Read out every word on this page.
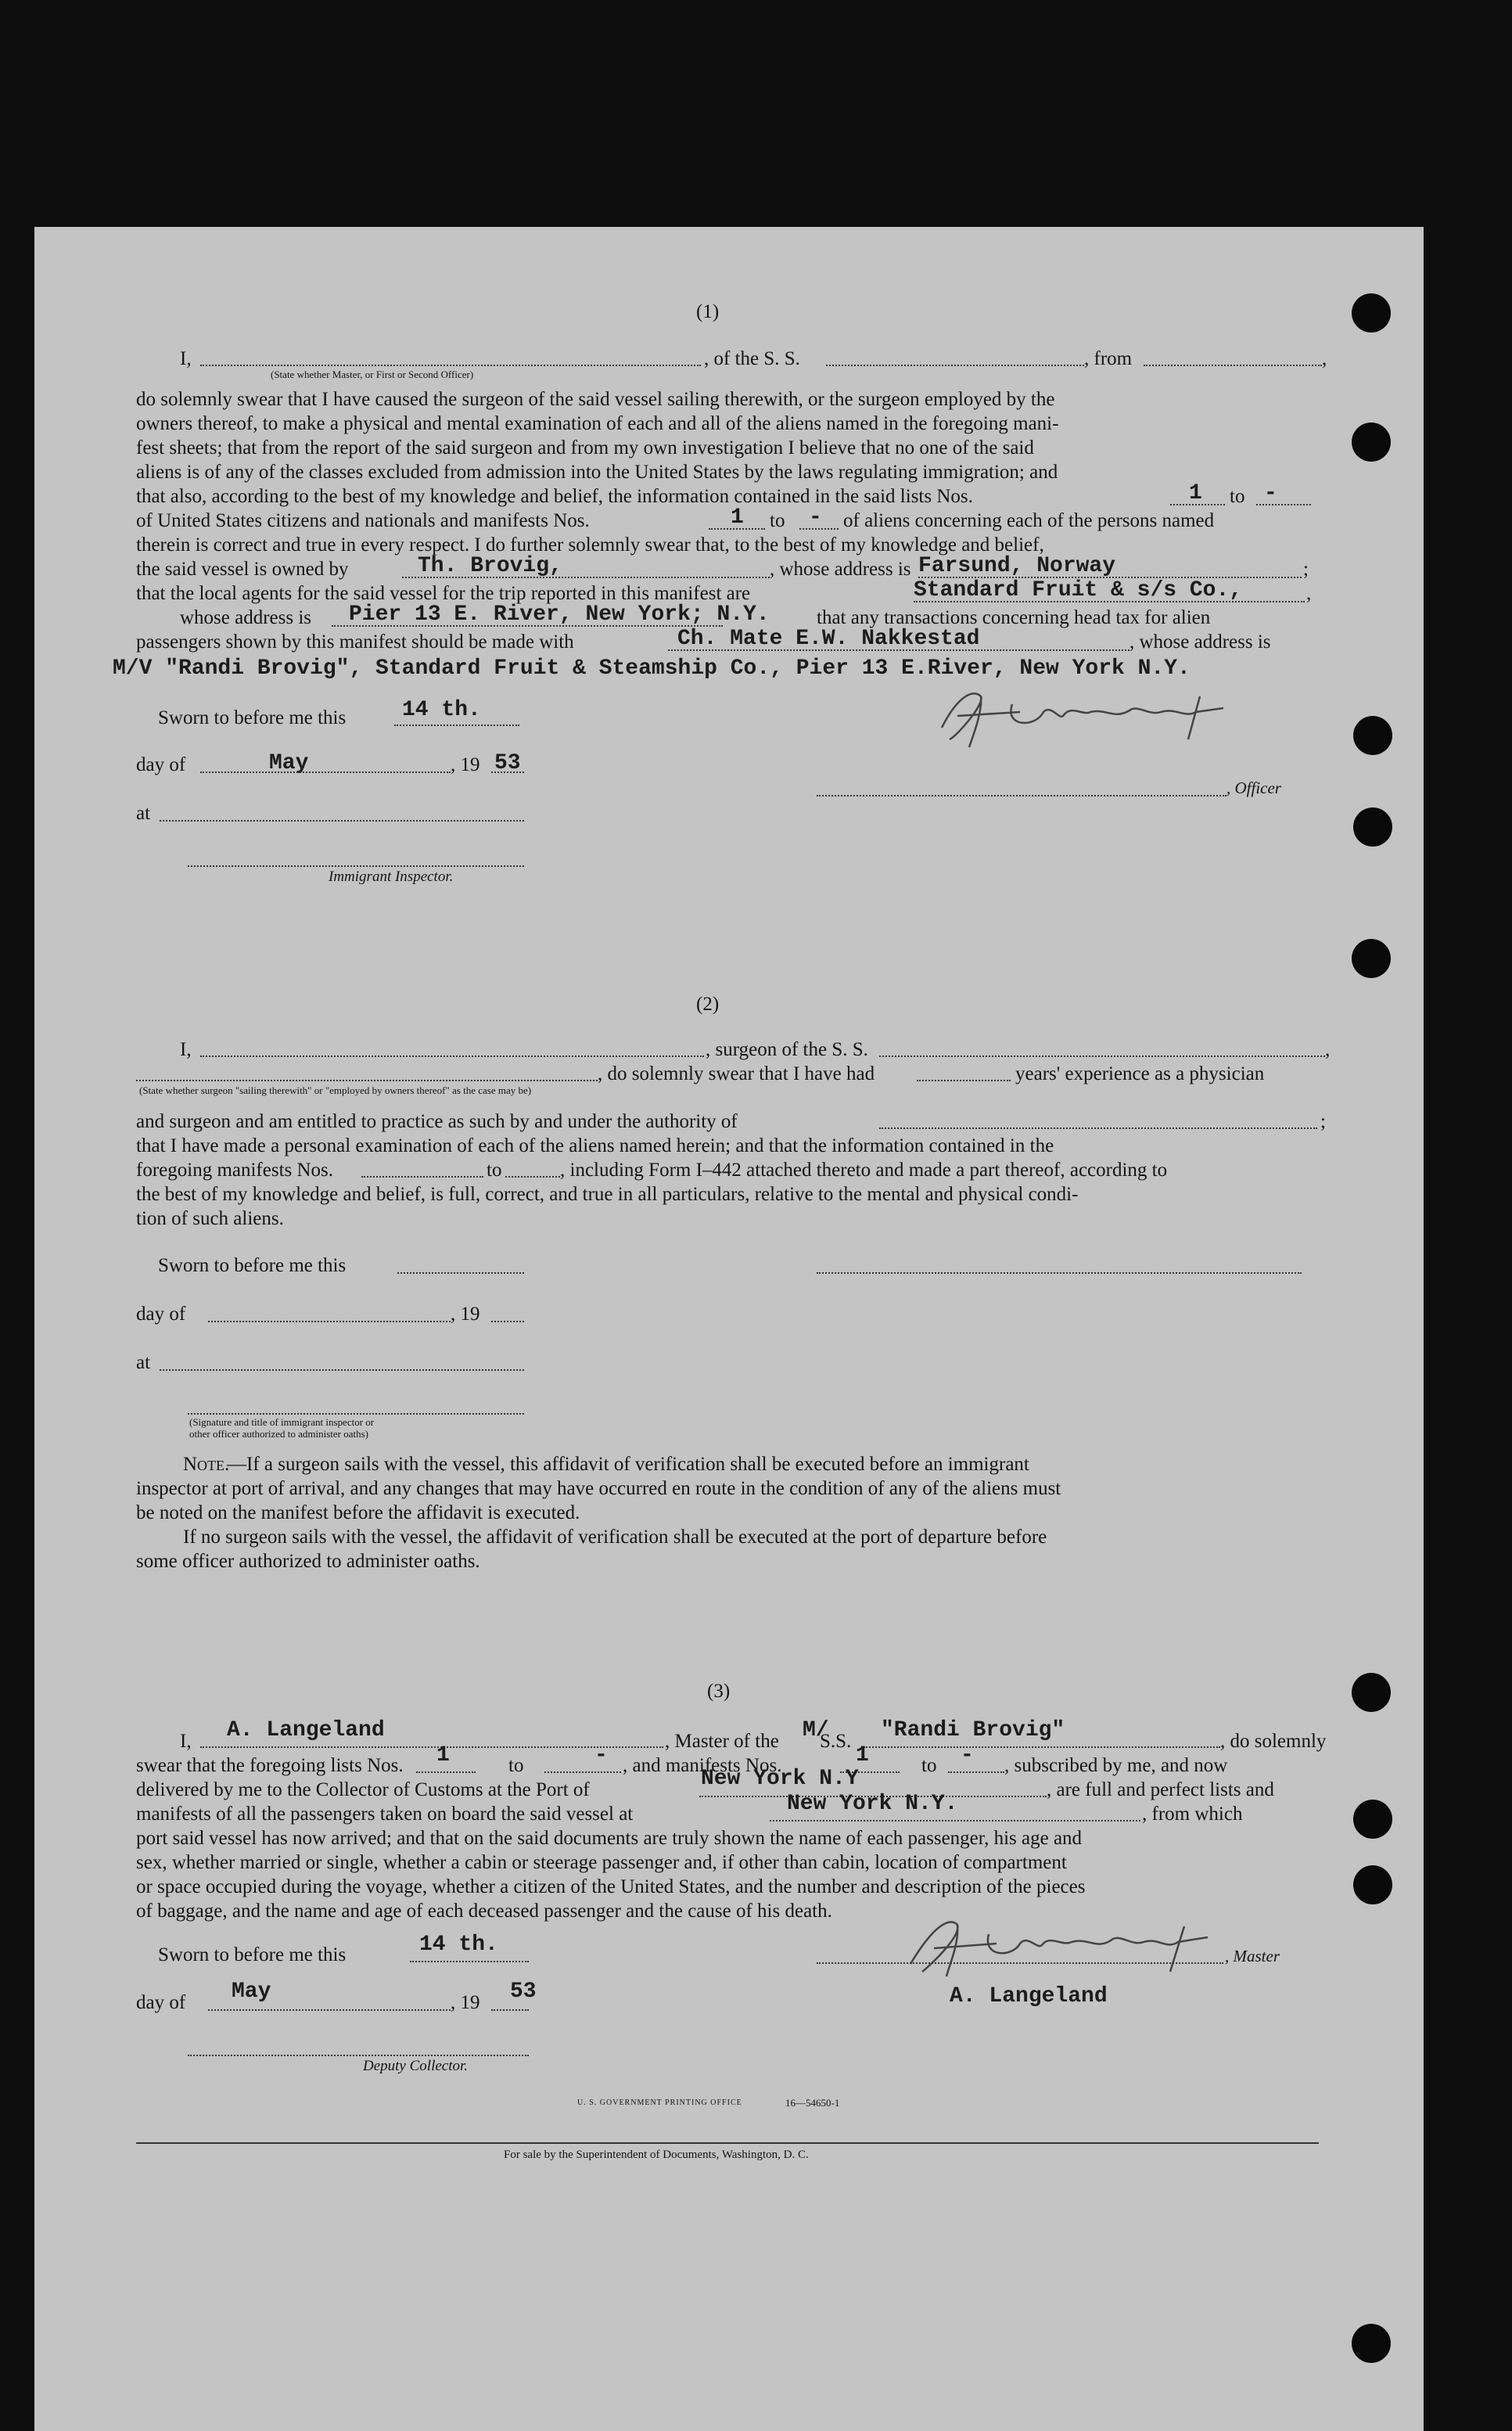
(1)
I,
(State whether Master, or First or Second Officer)
, of the S. S.	, from	,
do solemnly swear that I have caused the surgeon of the said vessel sailing therewith, or the surgeon employed by the
owners thereof, to make a physical and mental examination of each and all of the aliens named in the foregoing mani-
fest sheets; that from the report of the said surgeon and from my own investigation I believe that no one of the said
aliens is of any of the classes excluded from admission into the United States by the laws regulating immigration; and
that also, according to the best of my knowledge and belief, the information contained in the said lists Nos.	1 to -
of United States citizens and nationals and manifests Nos.	1 to - of aliens concerning each of the persons named
therein is correct and true in every respect. I do further solemnly swear that, to the best of my knowledge and belief,
the said vessel is owned by	Th. Brovig,	, whose address is Farsund, Norway	;
that the local agents for the said vessel for the trip reported in this manifest are	Standard Fruit & s/s Co.,	,
whose address is Pier 13 E. River, New York; N.Y. that any transactions concerning head tax for alien
passengers shown by this manifest should be made with	Ch. Mate E.W. Nakkestad	, whose address is
M/V "Randi Brovig", Standard Fruit & Steamship Co., Pier 13 E.River, New York N.Y.
Sworn to before me this	14 th.
day of	May	, 19 53
, Officer
at
Immigrant Inspector.
(2)
I,	, surgeon of the S. S.	,
, do solemnly swear that I have had	years' experience as a physician
(State whether surgeon "sailing therewith" or "employed by owners thereof" as the case may be)
and surgeon and am entitled to practice as such by and under the authority of	;
that I have made a personal examination of each of the aliens named herein; and that the information contained in the
foregoing manifests Nos.	to	, including Form I–442 attached thereto and made a part thereof, according to
the best of my knowledge and belief, is full, correct, and true in all particulars, relative to the mental and physical condi-
tion of such aliens.
Sworn to before me this
day of	, 19
at
(Signature and title of immigrant inspector or
other officer authorized to administer oaths)
Note.
—If a surgeon sails with the vessel, this affidavit of verification shall be executed before an immigrant
inspector at port of arrival, and any changes that may have occurred en route in the condition of any of the aliens must
be noted on the manifest before the affidavit is executed.
If no surgeon sails with the vessel, the affidavit of verification shall be executed at the port of departure before
some officer authorized to administer oaths.
(3)
I, A. Langeland	, Master of the M/
S.S. "Randi Brovig"	, do solemnly
swear that the foregoing lists Nos. 1	to	- , and manifests Nos.	1	to - , subscribed by me, and now
delivered by me to the Collector of Customs at the Port of	New York N.Y	, are full and perfect lists and
manifests of all the passengers taken on board the said vessel at	New York N.Y.	, from which
port said vessel has now arrived; and that on the said documents are truly shown the name of each passenger, his age and
sex, whether married or single, whether a cabin or steerage passenger and, if other than cabin, location of compartment
or space occupied during the voyage, whether a citizen of the United States, and the number and description of the pieces
of baggage, and the name and age of each deceased passenger and the cause of his death.
Sworn to before me this	14 th.	, Master
day of May	, 19 53	A. Langeland
Deputy Collector.
U. S. GOVERNMENT PRINTING OFFICE	16—54650-1
For sale by the Superintendent of Documents, Washington, D. C.
